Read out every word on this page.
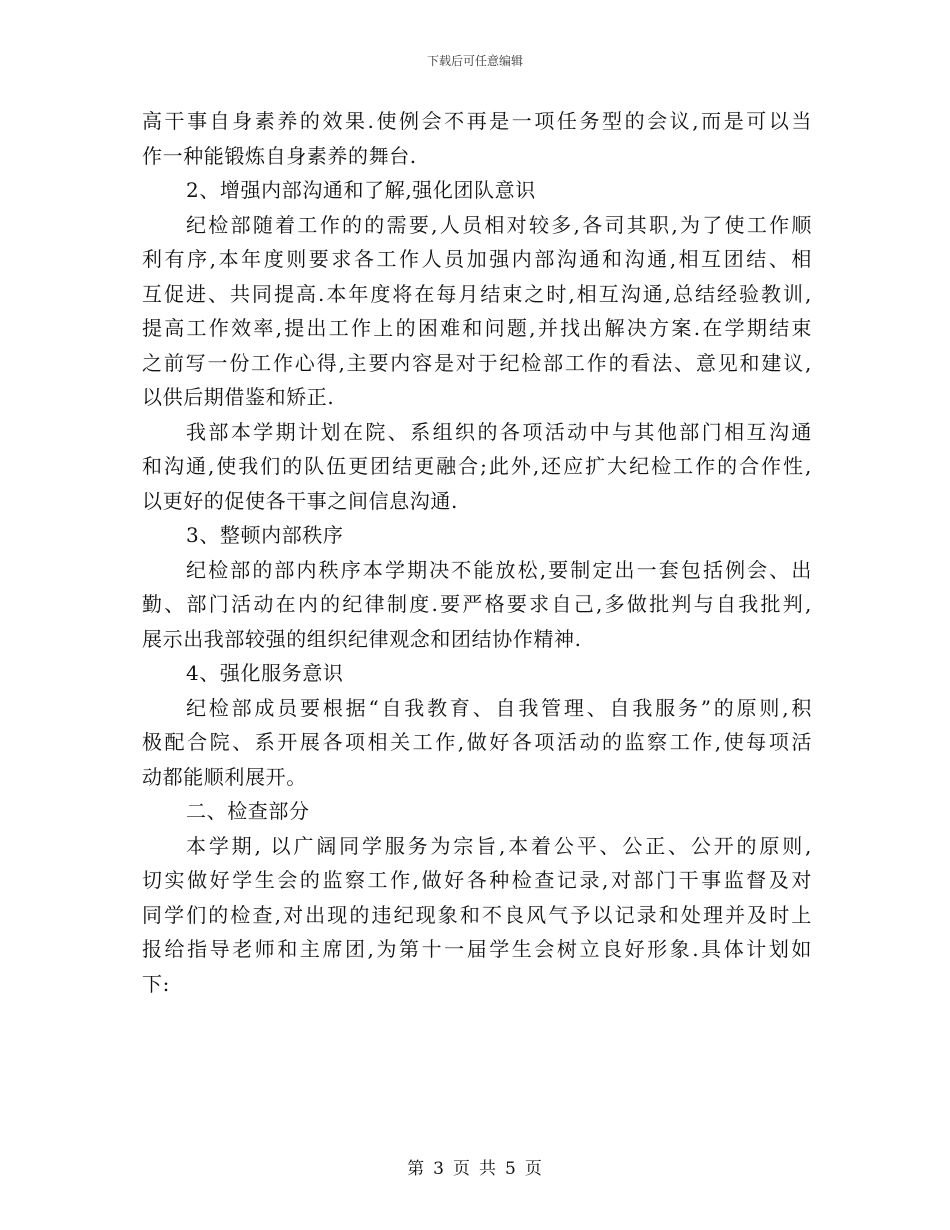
下载后可任意编辑
高干事自身素养的效果.使例会不再是一项任务型的会议,而是可以当
作一种能锻炼自身素养的舞台.
2、增强内部沟通和了解,强化团队意识
纪检部随着工作的的需要,人员相对较多,各司其职,为了使工作顺
利有序,本年度则要求各工作人员加强内部沟通和沟通,相互团结、相
互促进、共同提高.本年度将在每月结束之时,相互沟通,总结经验教训,
提高工作效率,提出工作上的困难和问题,并找出解决方案.在学期结束
之前写一份工作心得,主要内容是对于纪检部工作的看法、意见和建议,
以供后期借鉴和矫正.
我部本学期计划在院、系组织的各项活动中与其他部门相互沟通
和沟通,使我们的队伍更团结更融合;此外,还应扩大纪检工作的合作性,
以更好的促使各干事之间信息沟通.
3、整顿内部秩序
纪检部的部内秩序本学期决不能放松,要制定出一套包括例会、出
勤、部门活动在内的纪律制度.要严格要求自己,多做批判与自我批判,
展示出我部较强的组织纪律观念和团结协作精神.
4、强化服务意识
纪检部成员要根据“自我教育、自我管理、自我服务”的原则,积
极配合院、系开展各项相关工作,做好各项活动的监察工作,使每项活
动都能顺利展开。
二、检查部分
本学期, 以广阔同学服务为宗旨,本着公平、公正、公开的原则,
切实做好学生会的监察工作,做好各种检查记录,对部门干事监督及对
同学们的检查,对出现的违纪现象和不良风气予以记录和处理并及时上
报给指导老师和主席团,为第十一届学生会树立良好形象.具体计划如
下:
第 3 页 共 5 页
